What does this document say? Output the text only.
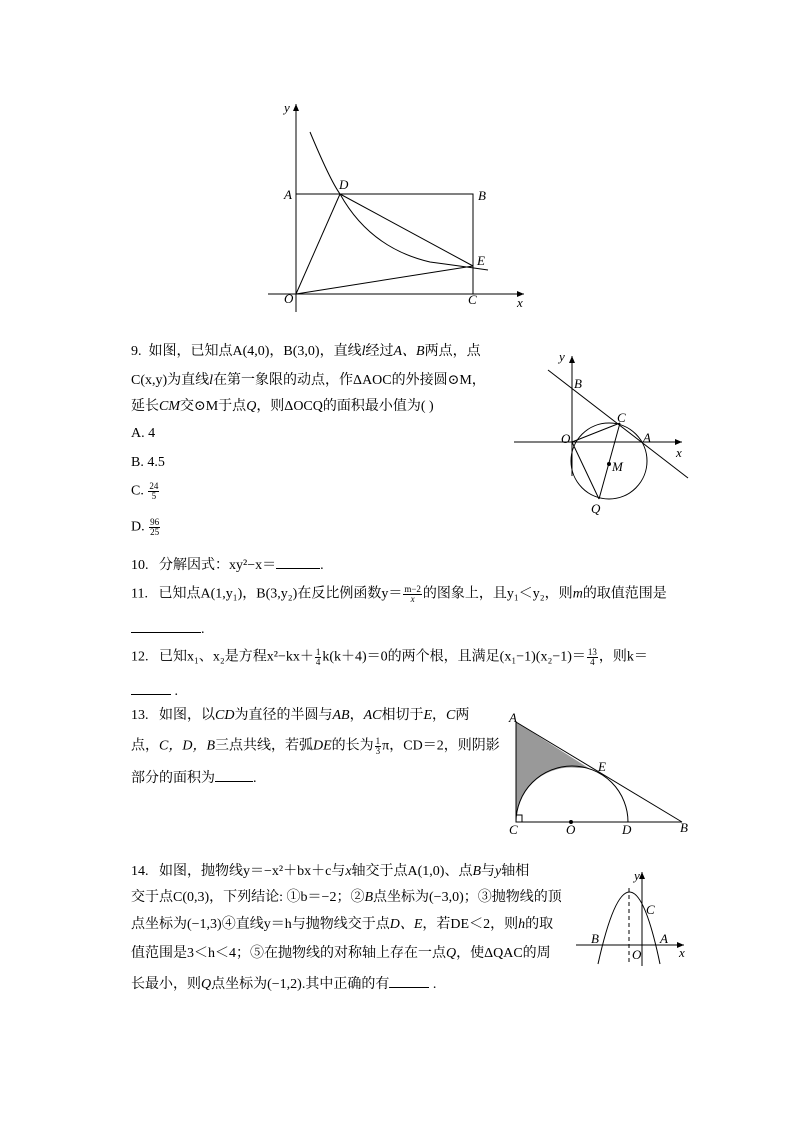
y
A
D
B
E
O	C	x
9. 如图，已知点A(4,0)，B(3,0)，直线l经过A、B两点，点
C(x,y)为直线l在第一象限的动点，作ΔAOC的外接圆⊙M，
延长CM交⊙M于点Q，则ΔOCQ的面积最小值为( )
A. 4
B. 4.5
C. $\frac{24}{5}$
D. $\frac{96}{25}$
y
B
C
O	A
x
M
Q
10. 分解因式：xy²−x＝	.
11. 已知点A(1,y₁)，B(3,y₂)在反比例函数$y= \frac{m-2}{x}$ 的图象上，且y₁＜y₂，则m的取值范围是
.
12. 已知x₁、x₂是方程$x^2-kx+ \frac{1}{4} k(k+4)=0$的两个根，且满足$(x_1-1)(x_2-1)= \frac{13}{4}$ ，则k＝
.
13. 如图，以CD为直径的半圆与AB，AC相切于E，C两
点，C，D，B三点共线，若弧DE的长为 $\frac{1}{3}$ π，CD＝2，则阴影
部分的面积为	.
A
E
C	O	D	B
14. 如图，抛物线y＝−x²＋bx＋c与x轴交于点A(1,0)、点B与y轴相
交于点C(0,3)，下列结论: ①b＝−2；②B点坐标为(−3,0)；③抛物线的顶
点坐标为(−1,3)④直线y＝h与抛物线交于点D、E，若DE＜2，则h的取
值范围是3＜h＜4；⑤在抛物线的对称轴上存在一点Q，使ΔQAC的周
长最小，则Q点坐标为(−1,2).其中正确的有	.
y
C
B
O
A
x
